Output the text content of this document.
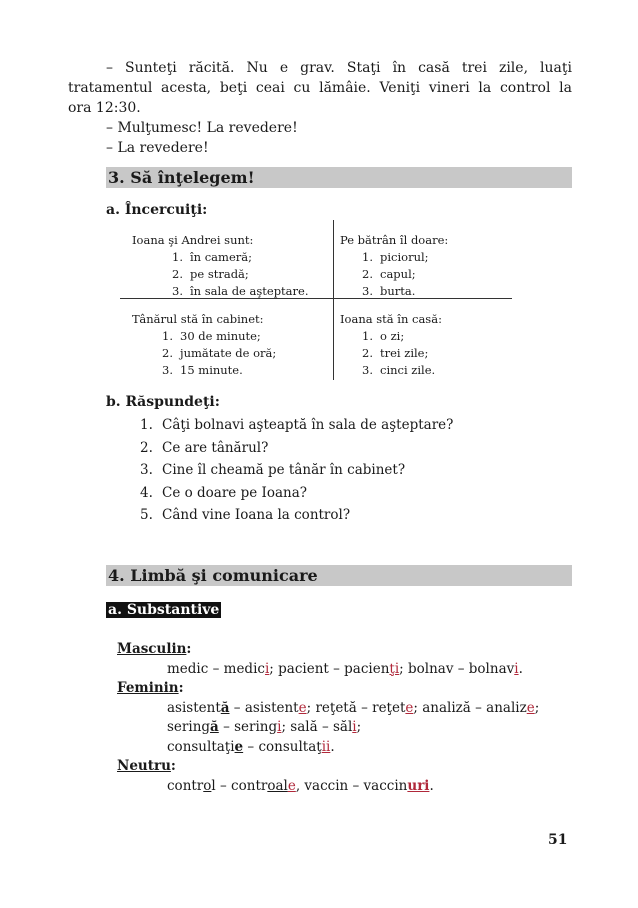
– Sunteţi răcită. Nu e grav. Staţi în casă trei zile, luaţi
tratamentul acesta, beţi ceai cu lămâie. Veniţi vineri la control la
ora 12:30.
– Mulţumesc! La revedere!
– La revedere!
3. Să înţelegem!
a. Încercuiţi:
Ioana şi Andrei sunt:
1. în cameră;
2. pe stradă;
3. în sala de aşteptare.
Pe bătrân îl doare:
1. piciorul;
2. capul;
3. burta.
Tânărul stă în cabinet:
1. 30 de minute;
2. jumătate de oră;
3. 15 minute.
Ioana stă în casă:
1. o zi;
2. trei zile;
3. cinci zile.
b. Răspundeţi:
1. Câţi bolnavi aşteaptă în sala de aşteptare?
2. Ce are tânărul?
3. Cine îl cheamă pe tânăr în cabinet?
4. Ce o doare pe Ioana?
5. Când vine Ioana la control?
4. Limbă şi comunicare
a. Substantive
Masculin:
medic – medici; pacient – pacienţi; bolnav – bolnavi.
Feminin:
asistentă – asistente; reţetă – reţete; analiză – analize;
seringă – seringi; sală – săli;
consultaţie – consultaţii.
Neutru:
control – controale, vaccin – vaccinuri.
51
